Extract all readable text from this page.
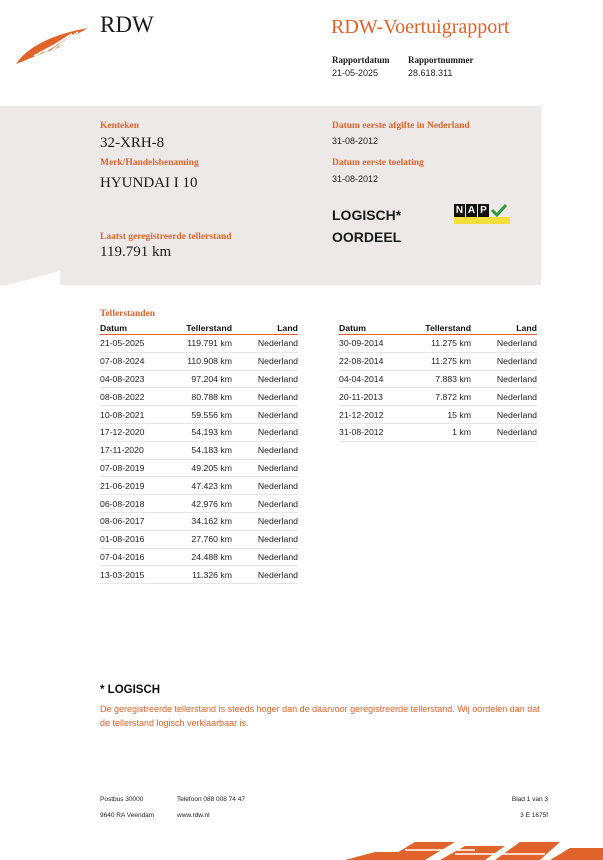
RDW	RDW-Voertuigrapport
Rapportdatum
21-05-2025
Rapportnummer
28.618.311
Kenteken
32-XRH-8
Merk/Handelsbenaming
HYUNDAI I 10
Laatst geregistreerde tellerstand
119.791 km
Datum eerste afgifte in Nederland
31-08-2012
Datum eerste toelating
31-08-2012
LOGISCH*
OORDEEL
N A P
Tellerstanden
Datum	Tellerstand	Land
21-05-2025	119.791 km	Nederland
07-08-2024	110.908 km	Nederland
04-08-2023	97.204 km	Nederland
08-08-2022	80.788 km	Nederland
10-08-2021	59.556 km	Nederland
17-12-2020	54.193 km	Nederland
17-11-2020	54.183 km	Nederland
07-08-2019	49.205 km	Nederland
21-06-2019	47.423 km	Nederland
06-08-2018	42.976 km	Nederland
08-06-2017	34.162 km	Nederland
01-08-2016	27.760 km	Nederland
07-04-2016	24.488 km	Nederland
13-03-2015	11.326 km	Nederland
Datum	Tellerstand	Land
30-09-2014	11.275 km	Nederland
22-08-2014	11.275 km	Nederland
04-04-2014	7.883 km	Nederland
20-11-2013	7.872 km	Nederland
21-12-2012	15 km	Nederland
31-08-2012	1 km	Nederland
* LOGISCH
De geregistreerde tellerstand is steeds hoger dan de daarvoor geregistreerde tellerstand. Wij oordelen dan dat de tellerstand logisch verklaarbaar is.
Postbus 30000
9640 RA Veendam
Telefoon 088 008 74 47
www.rdw.nl
Blad 1 van 3
3 E 1675f
